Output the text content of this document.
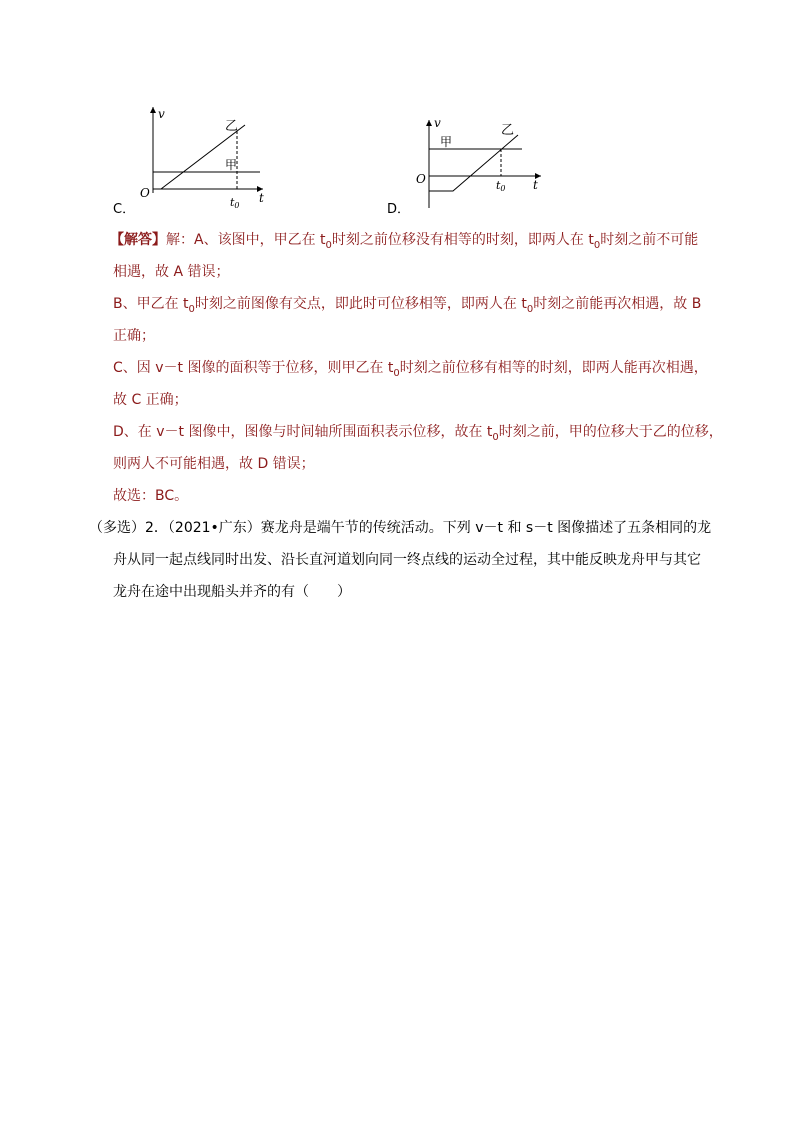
v
t
O
t0
甲
乙
C．
v
t
O	t0
甲
乙
D．
【解答】解：A、该图中，甲乙在 $t_0$时刻之前位移没有相等的时刻，即两人在 $t_0$时刻之前不可能
相遇，故 A 错误；
B、甲乙在 $t_0$时刻之前图像有交点，即此时可位移相等，即两人在 $t_0$时刻之前能再次相遇，故 B
正确；
C、因 v－t 图像的面积等于位移，则甲乙在 $t_0$时刻之前位移有相等的时刻，即两人能再次相遇，
故 C 正确；
D、在 v－t 图像中，图像与时间轴所围面积表示位移，故在 $t_0$时刻之前，甲的位移大于乙的位移，
则两人不可能相遇，故 D 错误；
故选：BC。
（多选）2．（2021•广东）赛龙舟是端午节的传统活动。下列 v－t 和 s－t 图像描述了五条相同的龙
舟从同一起点线同时出发、沿长直河道划向同一终点线的运动全过程，其中能反映龙舟甲与其它
龙舟在途中出现船头并齐的有（　　）
